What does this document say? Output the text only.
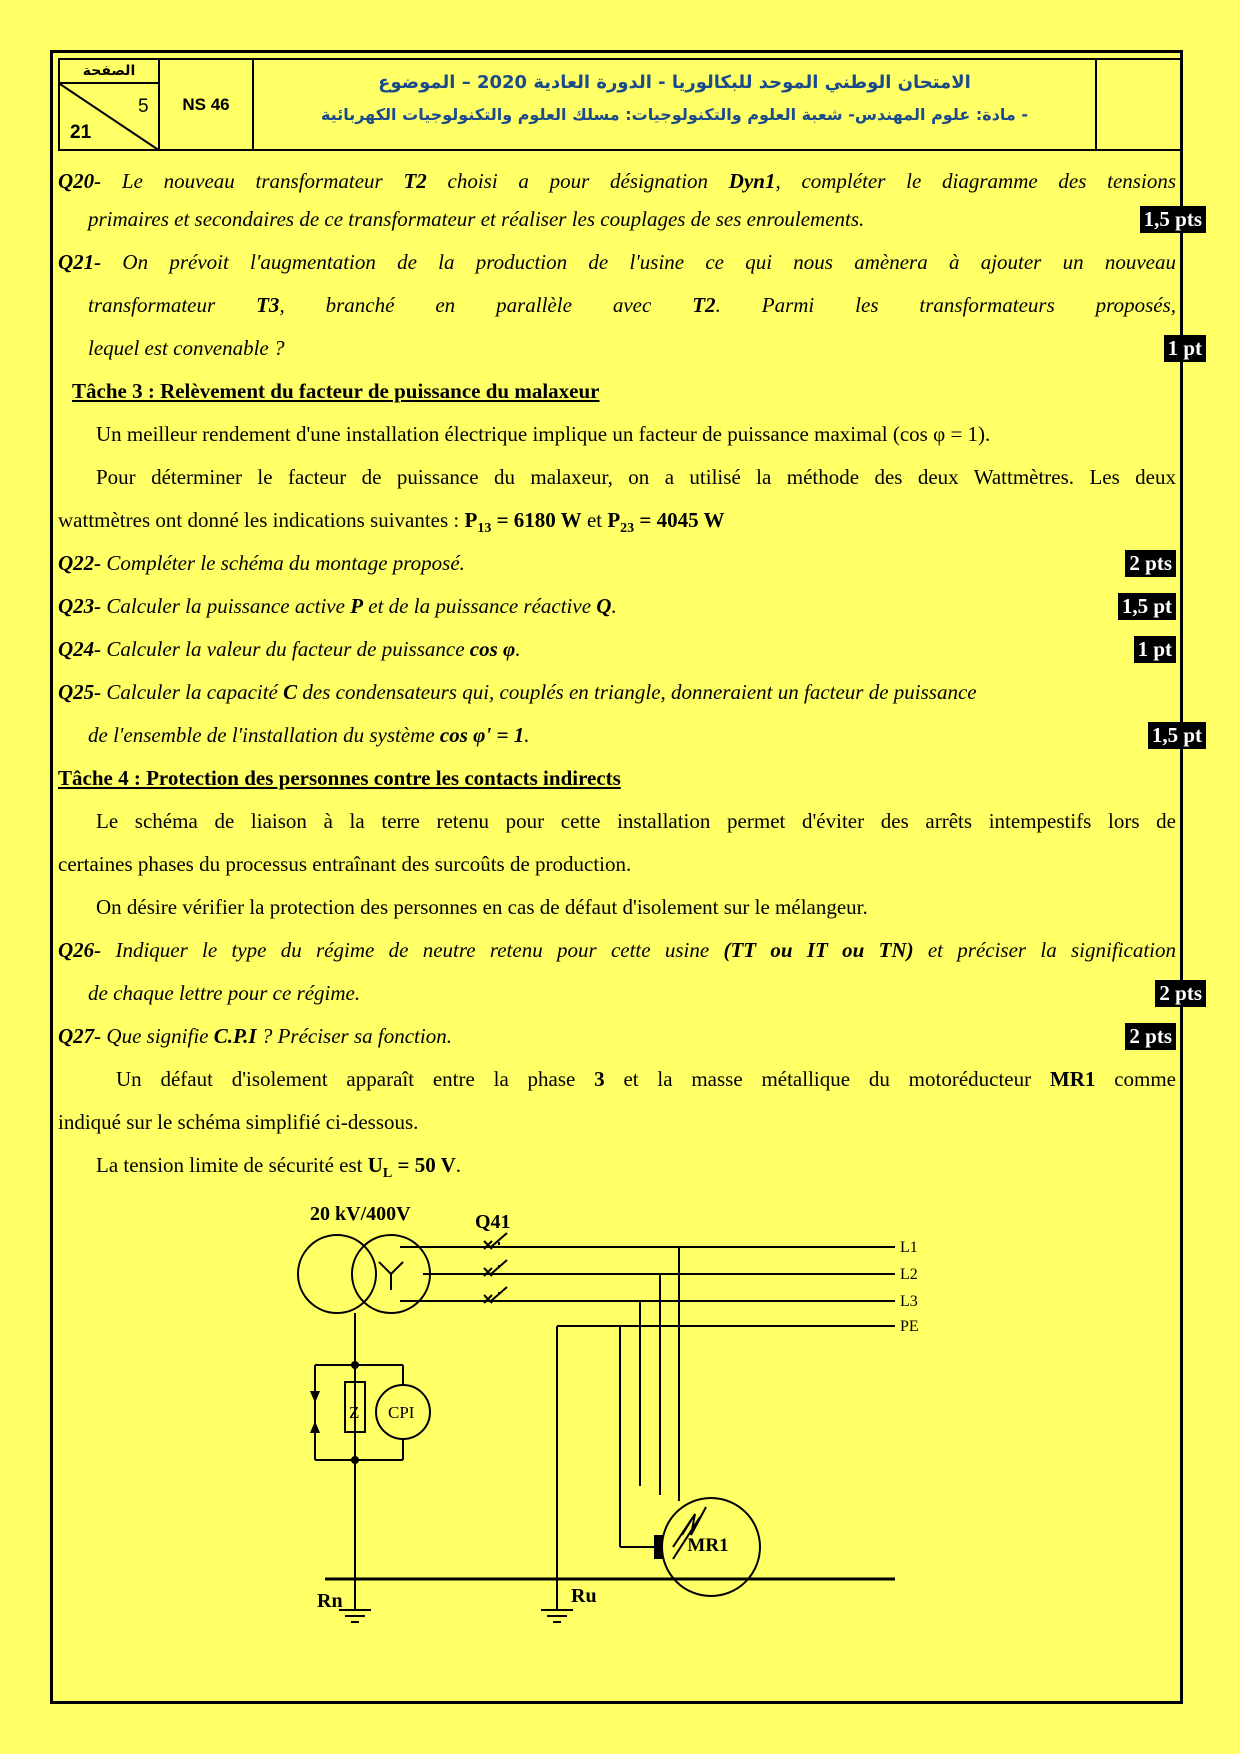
الصفحة
5
21
NS 46
الامتحان الوطني الموحد للبكالوريا - الدورة العادية 2020 – الموضوع
- مادة: علوم المهندس- شعبة العلوم والتكنولوجيات: مسلك العلوم والتكنولوجيات الكهربائية
Q20- Le nouveau transformateur T2 choisi a pour désignation Dyn1, compléter le diagramme des tensions
primaires et secondaires de ce transformateur et réaliser les couplages de ses enroulements.	1,5 pts
Q21- On prévoit l'augmentation de la production de l'usine ce qui nous amènera à ajouter un nouveau
transformateur T3, branché en parallèle avec T2. Parmi les transformateurs proposés,
lequel est convenable ?	1 pt
Tâche 3 : Relèvement du facteur de puissance du malaxeur
Un meilleur rendement d'une installation électrique implique un facteur de puissance maximal (cos φ = 1).
Pour déterminer le facteur de puissance du malaxeur, on a utilisé la méthode des deux Wattmètres. Les deux
wattmètres ont donné les indications suivantes : $P_{13} = 6180$ W et $P_{23} = 4045$ W
Q22- Compléter le schéma du montage proposé.	2 pts
Q23- Calculer la puissance active P et de la puissance réactive Q.	1,5 pt
Q24- Calculer la valeur du facteur de puissance cos φ.	1 pt
Q25- Calculer la capacité C des condensateurs qui, couplés en triangle, donneraient un facteur de puissance
de l'ensemble de l'installation du système cos φ' = 1.	1,5 pt
Tâche 4 : Protection des personnes contre les contacts indirects
Le schéma de liaison à la terre retenu pour cette installation permet d'éviter des arrêts intempestifs lors de
certaines phases du processus entraînant des surcoûts de production.
On désire vérifier la protection des personnes en cas de défaut d'isolement sur le mélangeur.
Q26- Indiquer le type du régime de neutre retenu pour cette usine (TT ou IT ou TN) et préciser la signification
de chaque lettre pour ce régime.	2 pts
Q27- Que signifie C.P.I ? Préciser sa fonction.	2 pts
Un défaut d'isolement apparaît entre la phase 3 et la masse métallique du motoréducteur MR1 comme
indiqué sur le schéma simplifié ci-dessous.
La tension limite de sécurité est $U_L = 50$ V.
20 kV/400V	Q41
L1
L2
L3
PE
Z CPI
MR1
Rn	Ru
